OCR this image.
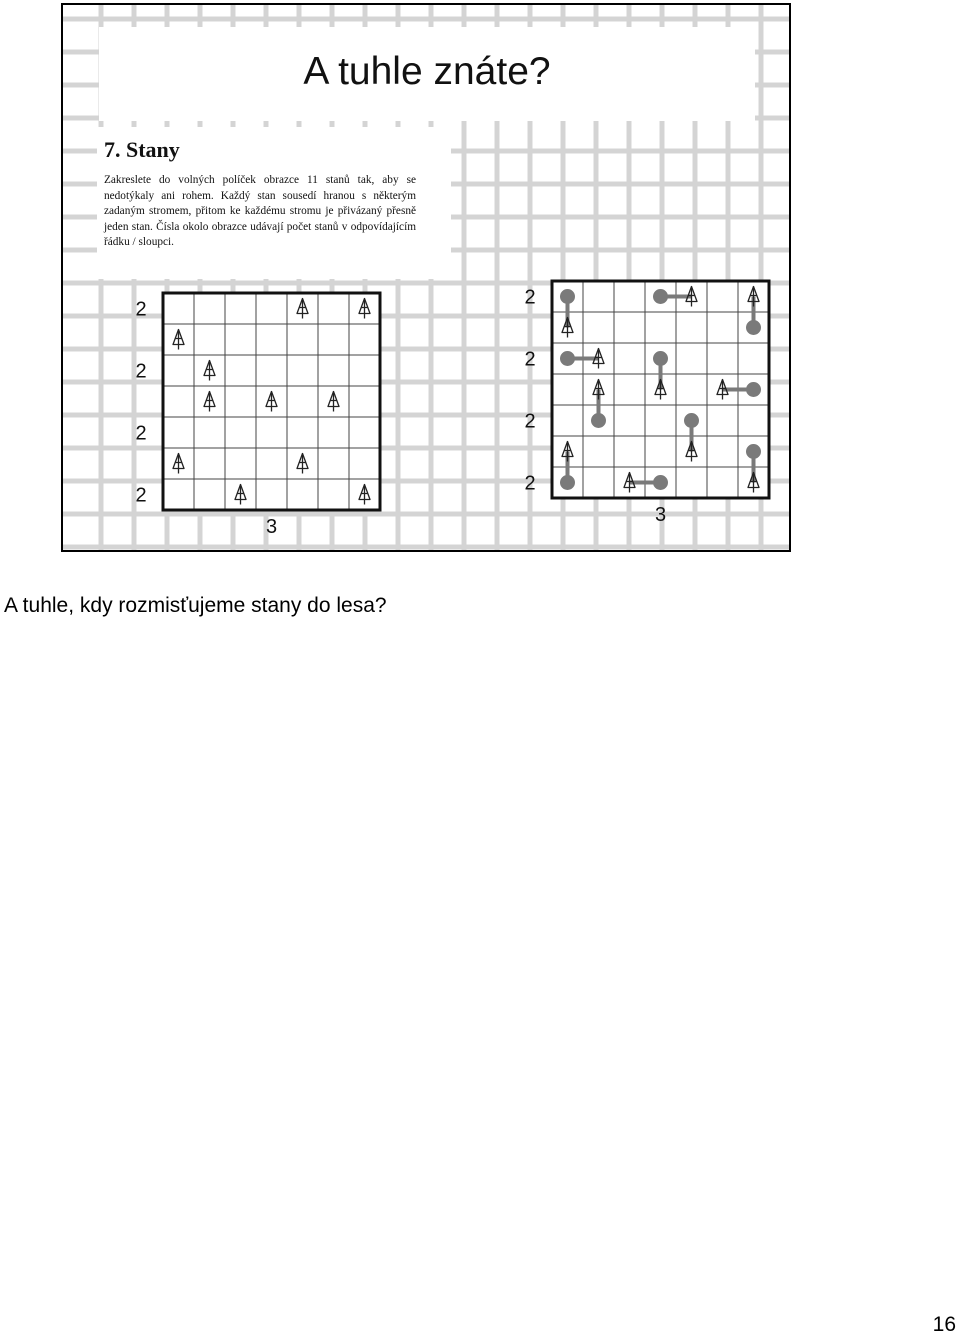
A tuhle znáte?
7. Stany

Zakreslete do volných políček obrazce 11 stanů tak, aby se nedotýkaly ani rohem. Každý stan sousedí hranou s některým zadaným stromem, přitom ke každému stromu je přivázaný přesně jeden stan. Čísla okolo obrazce udávají počet stanů v odpovídajícím řádku / sloupci.

2
2
2
2
3
2
2
2
2
3

A tuhle, kdy rozmisťujeme stany do lesa?

16
